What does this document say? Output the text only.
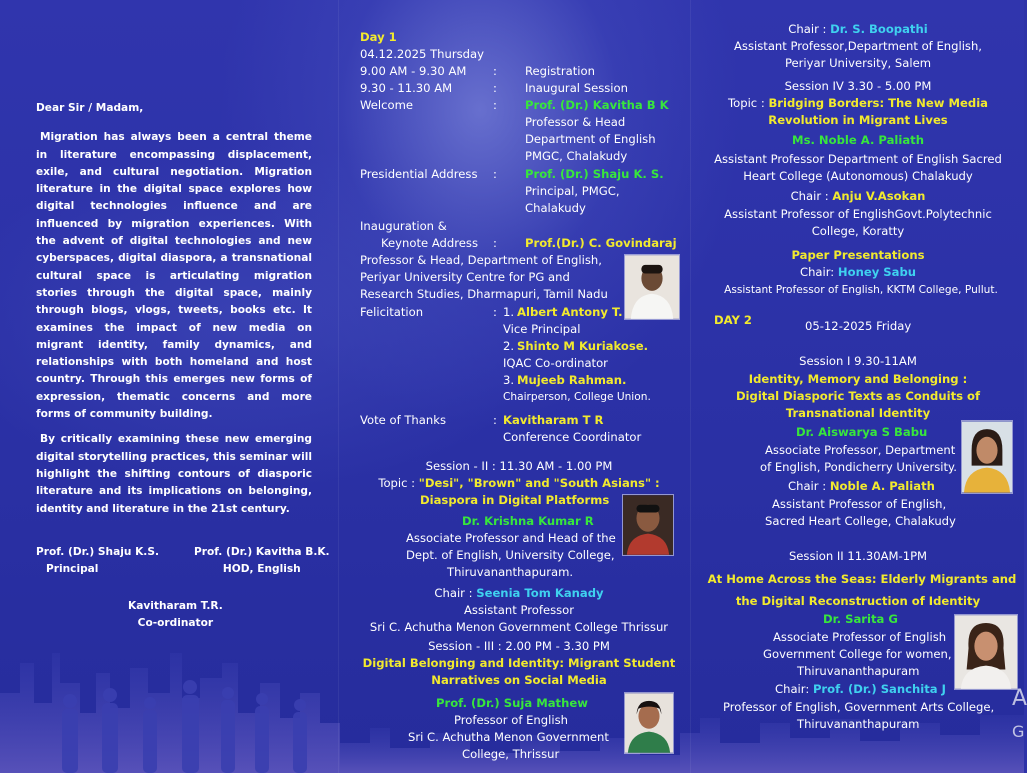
Dear Sir / Madam,

Migration has always been a central theme in literature encompassing displacement, exile, and cultural negotiation. Migration literature in the digital space explores how digital technologies influence and are influenced by migration experiences. With the advent of digital technologies and new cyberspaces, digital diaspora, a transnational cultural space is articulating migration stories through the digital space, mainly through blogs, vlogs, tweets, books etc. It examines the impact of new media on migrant identity, family dynamics, and relationships with both homeland and host country. Through this emerges new forms of expression, thematic concerns and more forms of community building.

By critically examining these new emerging digital storytelling practices, this seminar will highlight the shifting contours of diasporic literature and its implications on belonging, identity and literature in the 21st century.

Prof. (Dr.) Shaju K.S.
Principal
Prof. (Dr.) Kavitha B.K.
HOD, English
Kavitharam T.R.
Co-ordinator
Day 1
04.12.2025 Thursday
9.00 AM - 9.30 AM : Registration
9.30 - 11.30 AM	: Inaugural Session
Welcome	: Prof. (Dr.) Kavitha B K
Professor & Head
Department of English
PMGC, Chalakudy
Presidential Address : Prof. (Dr.) Shaju K. S.
Principal, PMGC,
Chalakudy
Inauguration &
Keynote Address : Prof.(Dr.) C. Govindaraj
Professor & Head, Department of English,
Periyar University Centre for PG and
Research Studies, Dharmapuri, Tamil Nadu
Felicitation	: 1. Albert Antony T.
Vice Principal
2. Shinto M Kuriakose.
IQAC Co-ordinator
3. Mujeeb Rahman.
Chairperson, College Union.
Vote of Thanks	: Kavitharam T R
Conference Coordinator
Session - II : 11.30 AM - 1.00 PM
Topic : "Desi", "Brown" and "South Asians" :
Diaspora in Digital Platforms
Dr. Krishna Kumar R
Associate Professor and Head of the
Dept. of English, University College,
Thiruvananthapuram.
Chair : Seenia Tom Kanady
Assistant Professor
Sri C. Achutha Menon Government College Thrissur
Session - III : 2.00 PM - 3.30 PM
Digital Belonging and Identity: Migrant Student
Narratives on Social Media
Prof. (Dr.) Suja Mathew
Professor of English
Sri C. Achutha Menon Government
College, Thrissur
Chair : Dr. S. Boopathi
Assistant Professor,Department of English,
Periyar University, Salem
Session IV 3.30 - 5.00 PM
Topic : Bridging Borders: The New Media
Revolution in Migrant Lives
Ms. Noble A. Paliath
Assistant Professor Department of English Sacred
Heart College (Autonomous) Chalakudy
Chair : Anju V.Asokan
Assistant Professor of EnglishGovt.Polytechnic
College, Koratty
Paper Presentations
Chair: Honey Sabu
Assistant Professor of English, KKTM College, Pullut.
DAY 2	05-12-2025 Friday
Session I 9.30-11AM
Identity, Memory and Belonging :
Digital Diasporic Texts as Conduits of
Transnational Identity
Dr. Aiswarya S Babu
Associate Professor, Department
of English, Pondicherry University.
Chair : Noble A. Paliath
Assistant Professor of English,
Sacred Heart College, Chalakudy
Session II 11.30AM-1PM
At Home Across the Seas: Elderly Migrants and
the Digital Reconstruction of Identity
Dr. Sarita G
Associate Professor of English
Government College for women,
Thiruvananthapuram
Chair: Prof. (Dr.) Sanchita J
Professor of English, Government Arts College,
Thiruvananthapuram
A
G
